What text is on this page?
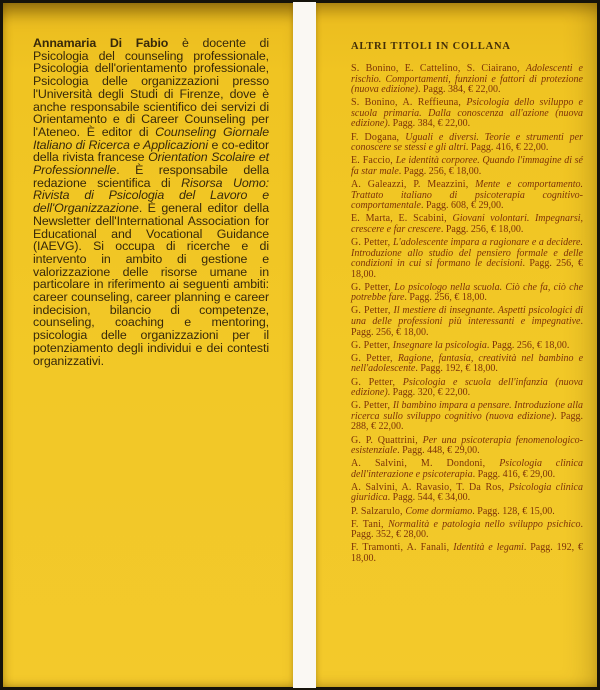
Annamaria Di Fabio è docente di Psicologia del counseling professionale, Psicologia dell'orientamento professionale, Psicologia delle organizzazioni presso l'Università degli Studi di Firenze, dove è anche responsabile scientifico dei servizi di Orientamento e di Career Counseling per l'Ateneo. È editor di Counseling Giornale Italiano di Ricerca e Applicazioni e co-editor della rivista francese Orientation Scolaire et Professionnelle. È responsabile della redazione scientifica di Risorsa Uomo: Rivista di Psicologia del Lavoro e dell'Organizzazione. È general editor della Newsletter dell'International Association for Educational and Vocational Guidance (IAEVG). Si occupa di ricerche e di intervento in ambito di gestione e valorizzazione delle risorse umane in particolare in riferimento ai seguenti ambiti: career counseling, career planning e career indecision, bilancio di competenze, counseling, coaching e mentoring, psicologia delle organizzazioni per il potenziamento degli individui e dei contesti organizzativi.

ALTRI TITOLI IN COLLANA

S. Bonino, E. Cattelino, S. Ciairano, Adolescenti e rischio. Comportamenti, funzioni e fattori di protezione (nuova edizione). Pagg. 384, € 22,00.

S. Bonino, A. Reffieuna, Psicologia dello sviluppo e scuola primaria. Dalla conoscenza all'azione (nuova edizione). Pagg. 384, € 22,00.

F. Dogana, Uguali e diversi. Teorie e strumenti per conoscere se stessi e gli altri. Pagg. 416, € 22,00.

E. Faccio, Le identità corporee. Quando l'immagine di sé fa star male. Pagg. 256, € 18,00.

A. Galeazzi, P. Meazzini, Mente e comportamento. Trattato italiano di psicoterapia cognitivo-comportamentale. Pagg. 608, € 29,00.

E. Marta, E. Scabini, Giovani volontari. Impegnarsi, crescere e far crescere. Pagg. 256, € 18,00.

G. Petter, L'adolescente impara a ragionare e a decidere. Introduzione allo studio del pensiero formale e delle condizioni in cui si formano le decisioni. Pagg. 256, € 18,00.

G. Petter, Lo psicologo nella scuola. Ciò che fa, ciò che potrebbe fare. Pagg. 256, € 18,00.

G. Petter, Il mestiere di insegnante. Aspetti psicologici di una delle professioni più interessanti e impegnative. Pagg. 256, € 18,00.

G. Petter, Insegnare la psicologia. Pagg. 256, € 18,00.

G. Petter, Ragione, fantasia, creatività nel bambino e nell'adolescente. Pagg. 192, € 18,00.

G. Petter, Psicologia e scuola dell'infanzia (nuova edizione). Pagg. 320, € 22,00.

G. Petter, Il bambino impara a pensare. Introduzione alla ricerca sullo sviluppo cognitivo (nuova edizione). Pagg. 288, € 22,00.

G. P. Quattrini, Per una psicoterapia fenomenologico-esistenziale. Pagg. 448, € 29,00.

A. Salvini, M. Dondoni, Psicologia clinica dell'interazione e psicoterapia. Pagg. 416, € 29,00.

A. Salvini, A. Ravasio, T. Da Ros, Psicologia clinica giuridica. Pagg. 544, € 34,00.

P. Salzarulo, Come dormiamo. Pagg. 128, € 15,00.

F. Tani, Normalità e patologia nello sviluppo psichico. Pagg. 352, € 28,00.

F. Tramonti, A. Fanali, Identità e legami. Pagg. 192, € 18,00.
